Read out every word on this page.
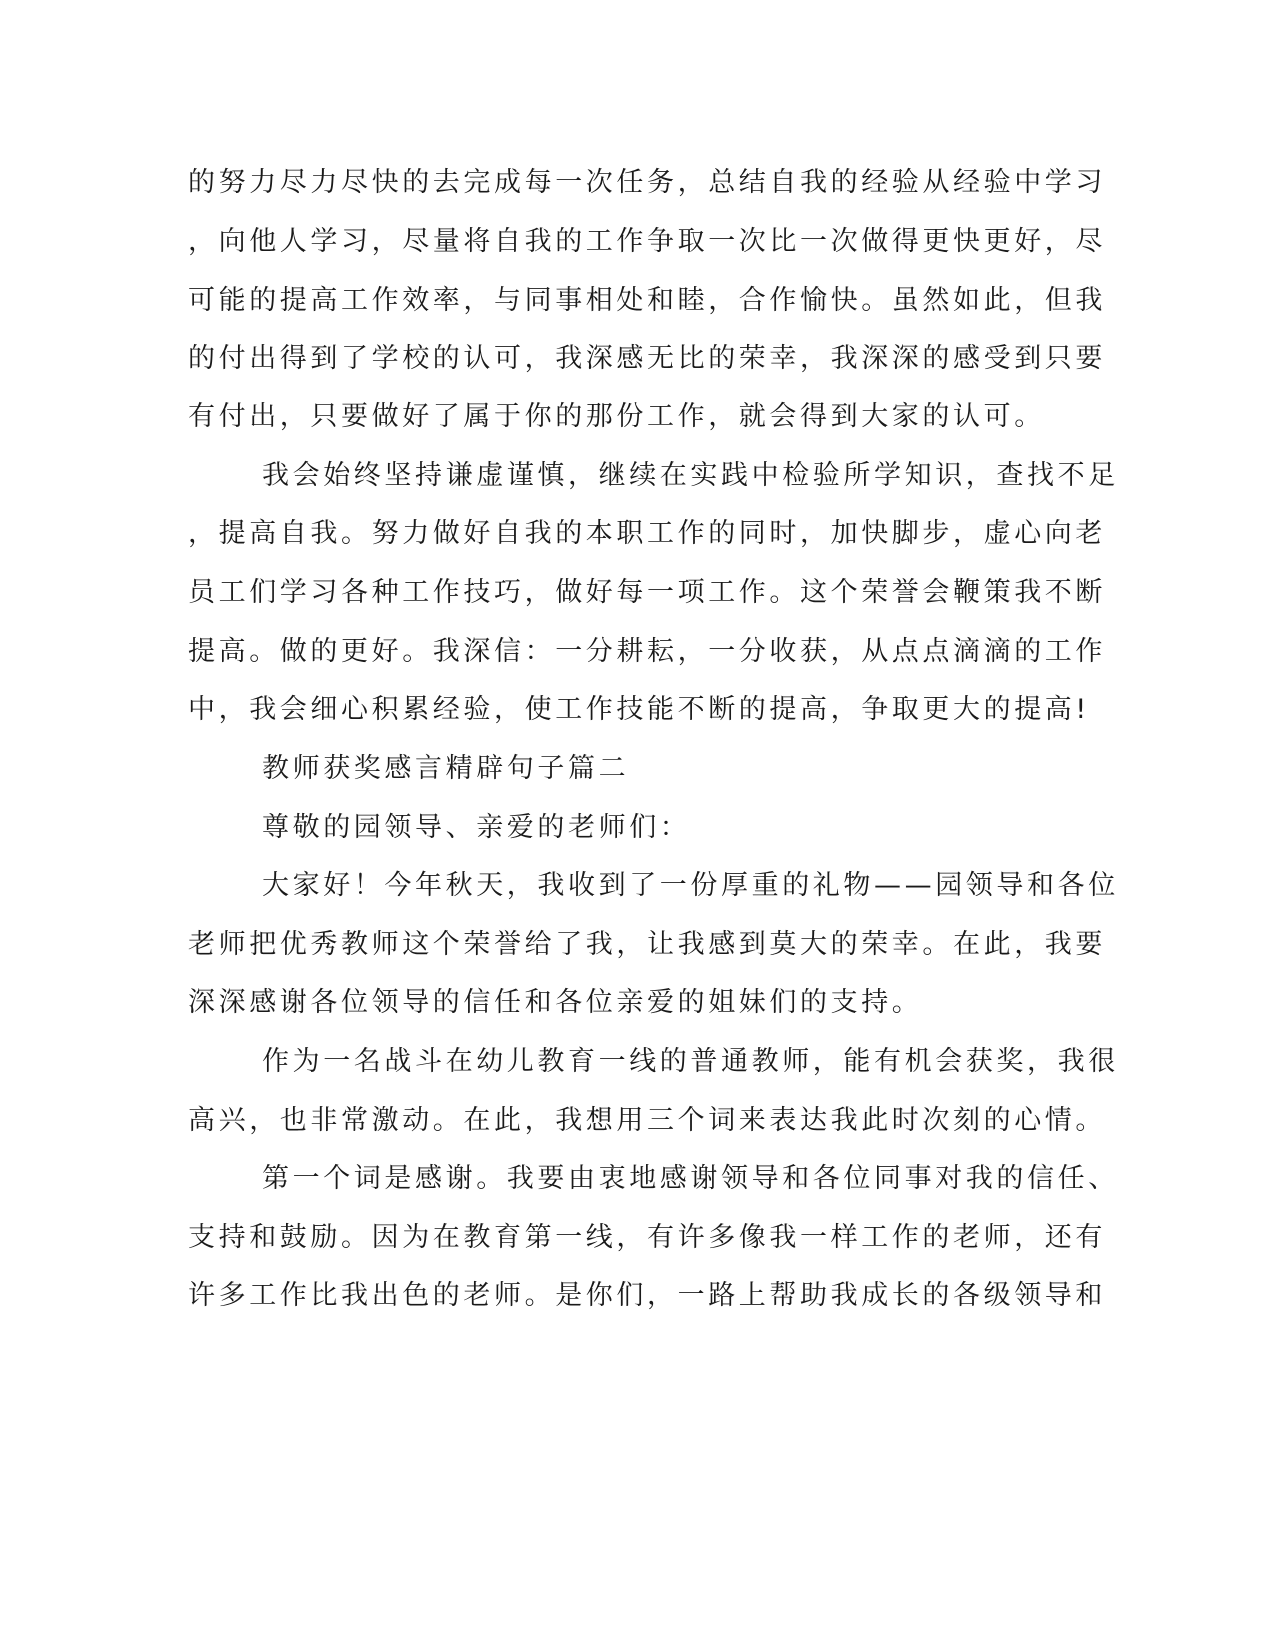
的努力尽力尽快的去完成每一次任务，总结自我的经验从经验中学习
，向他人学习，尽量将自我的工作争取一次比一次做得更快更好，尽
可能的提高工作效率，与同事相处和睦，合作愉快。虽然如此，但我
的付出得到了学校的认可，我深感无比的荣幸，我深深的感受到只要
有付出，只要做好了属于你的那份工作，就会得到大家的认可。
我会始终坚持谦虚谨慎，继续在实践中检验所学知识，查找不足
，提高自我。努力做好自我的本职工作的同时，加快脚步，虚心向老
员工们学习各种工作技巧，做好每一项工作。这个荣誉会鞭策我不断
提高。做的更好。我深信：一分耕耘，一分收获，从点点滴滴的工作
中，我会细心积累经验，使工作技能不断的提高，争取更大的提高!
教师获奖感言精辟句子篇二
尊敬的园领导、亲爱的老师们：
大家好！今年秋天，我收到了一份厚重的礼物——园领导和各位
老师把优秀教师这个荣誉给了我，让我感到莫大的荣幸。在此，我要
深深感谢各位领导的信任和各位亲爱的姐妹们的支持。
作为一名战斗在幼儿教育一线的普通教师，能有机会获奖，我很
高兴，也非常激动。在此，我想用三个词来表达我此时次刻的心情。
第一个词是感谢。我要由衷地感谢领导和各位同事对我的信任、
支持和鼓励。因为在教育第一线，有许多像我一样工作的老师，还有
许多工作比我出色的老师。是你们，一路上帮助我成长的各级领导和
